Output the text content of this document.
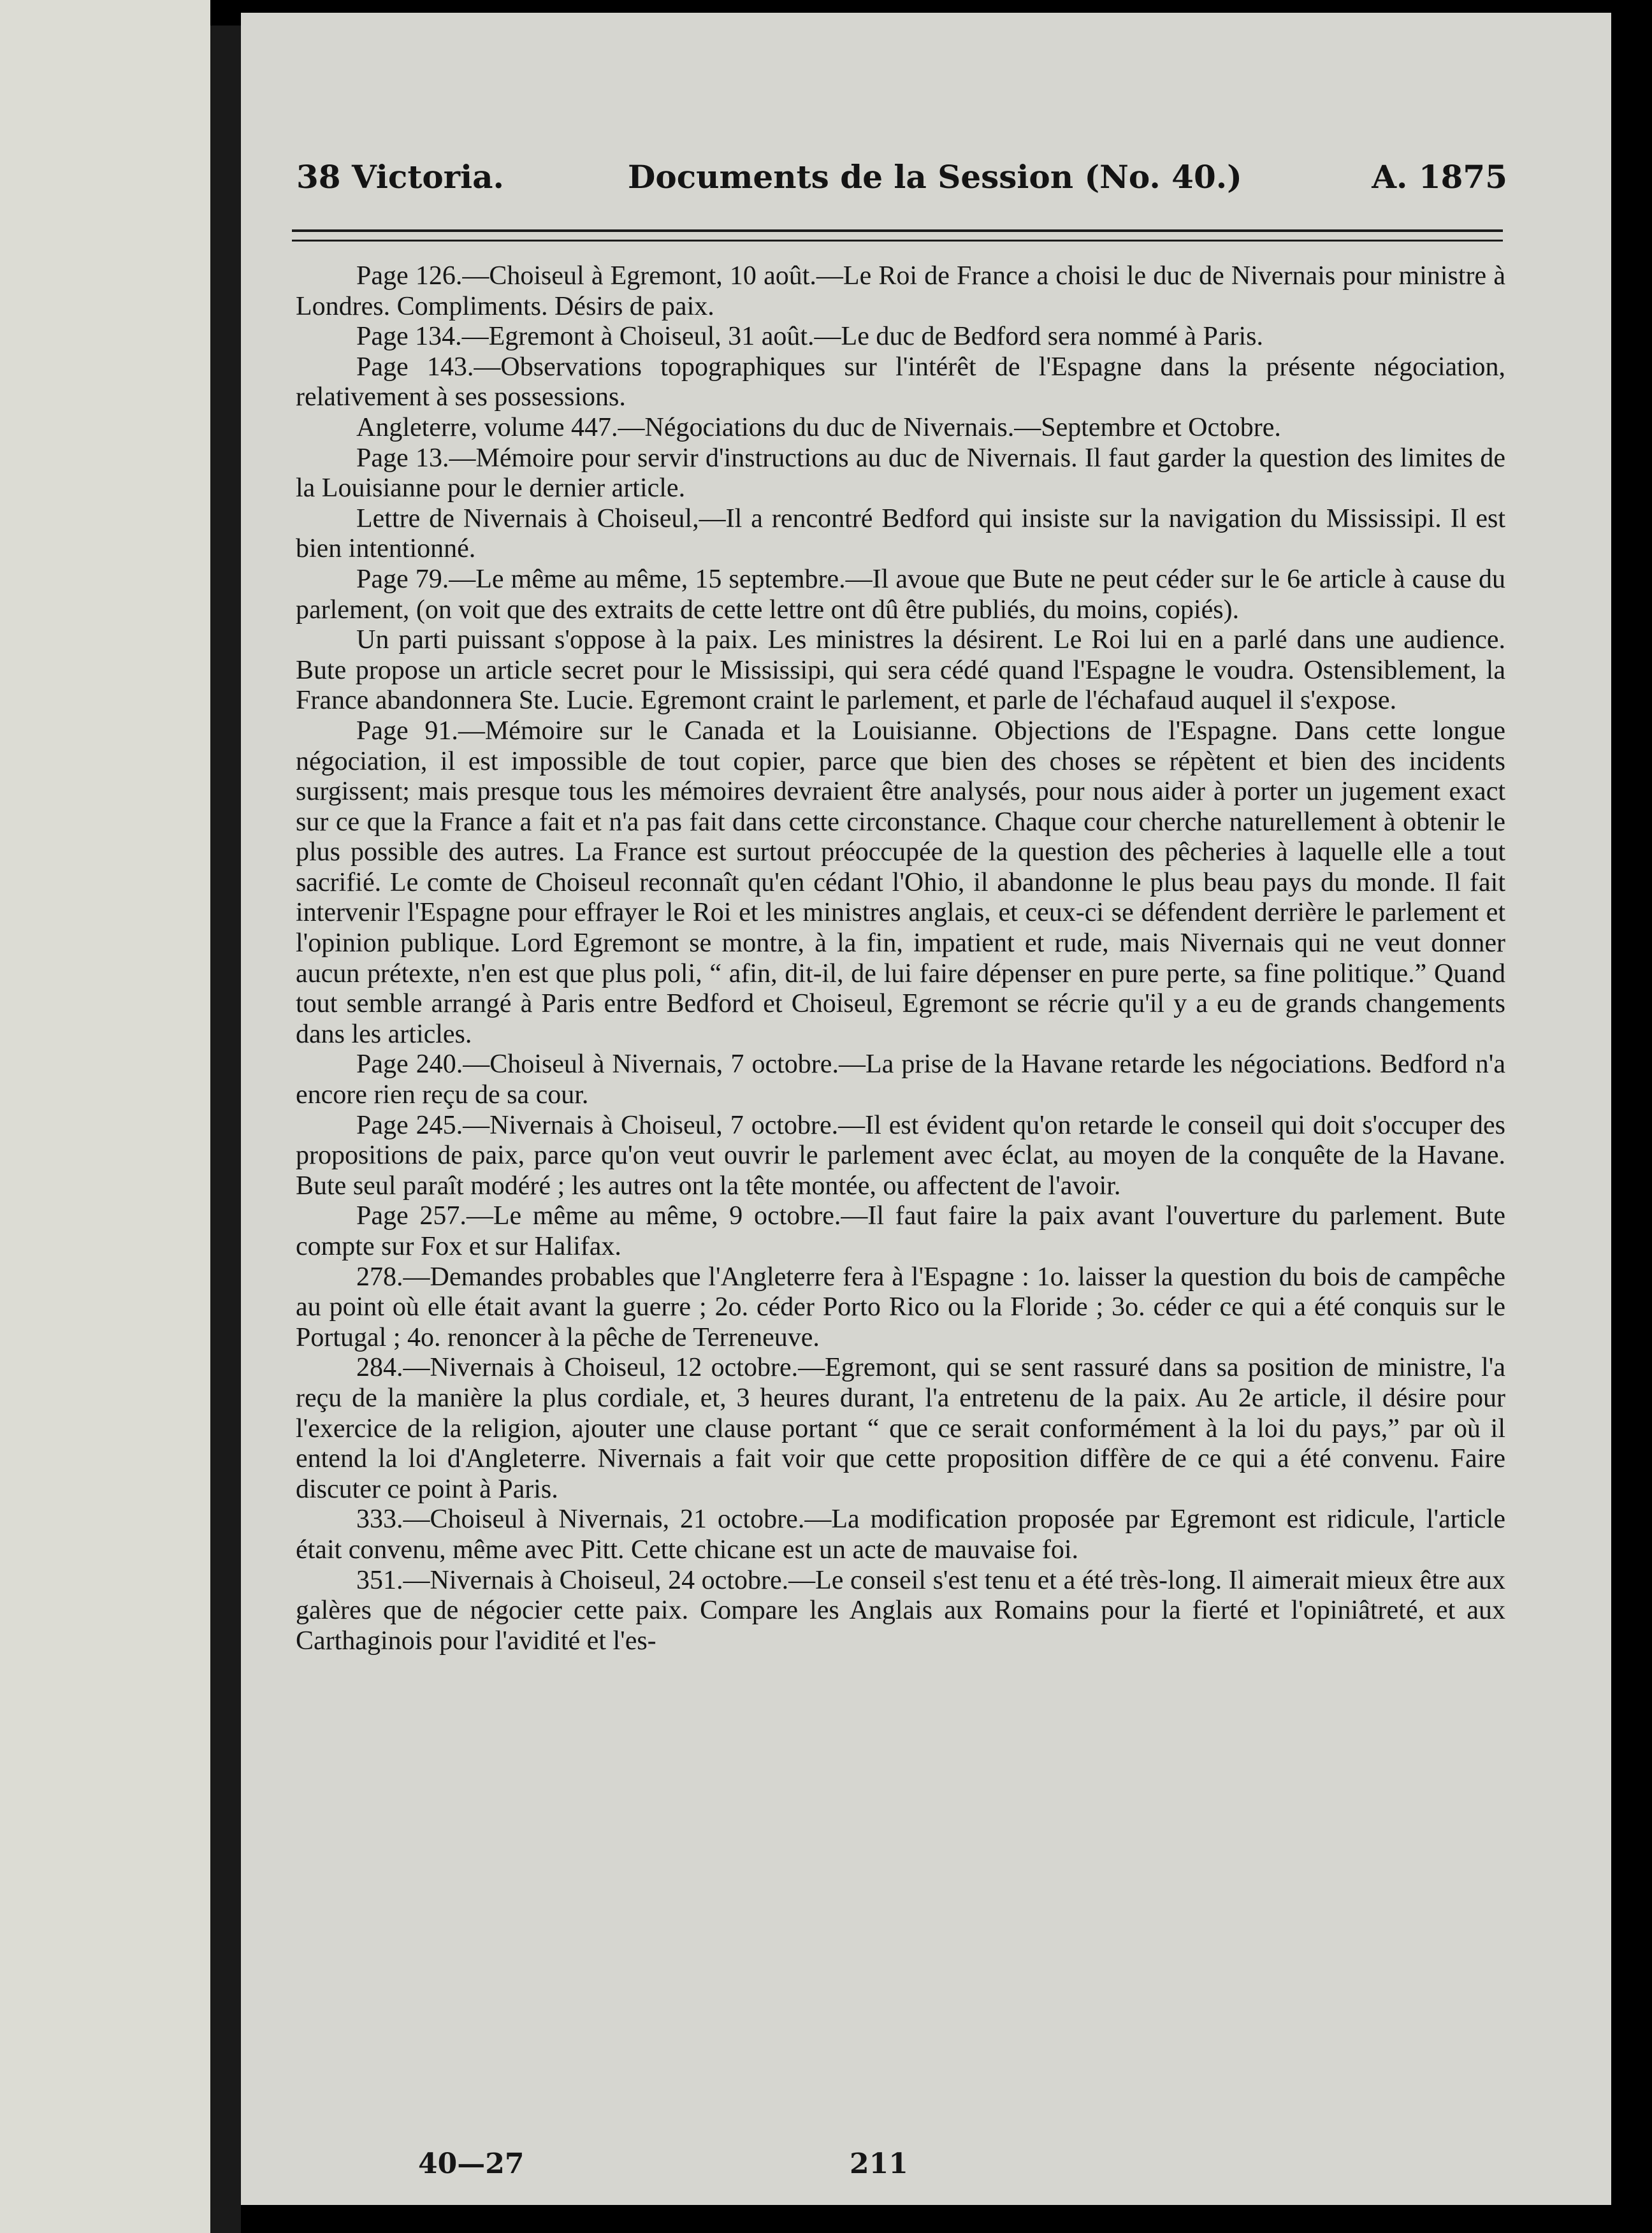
38 Victoria.	Documents de la Session (No. 40.)	A. 1875

Page 126.—Choiseul à Egremont, 10 août.—Le Roi de France a choisi le duc de Nivernais pour ministre à Londres. Compliments. Désirs de paix.

Page 134.—Egremont à Choiseul, 31 août.—Le duc de Bedford sera nommé à Paris.

Page 143.—Observations topographiques sur l'intérêt de l'Espagne dans la présente négociation, relativement à ses possessions.

Angleterre, volume 447.—Négociations du duc de Nivernais.—Septembre et Octobre.

Page 13.—Mémoire pour servir d'instructions au duc de Nivernais. Il faut garder la question des limites de la Louisianne pour le dernier article.

Lettre de Nivernais à Choiseul,—Il a rencontré Bedford qui insiste sur la navigation du Mississipi. Il est bien intentionné.

Page 79.—Le même au même, 15 septembre.—Il avoue que Bute ne peut céder sur le 6e article à cause du parlement, (on voit que des extraits de cette lettre ont dû être publiés, du moins, copiés).

Un parti puissant s'oppose à la paix. Les ministres la désirent. Le Roi lui en a parlé dans une audience. Bute propose un article secret pour le Mississipi, qui sera cédé quand l'Espagne le voudra. Ostensiblement, la France abandonnera Ste. Lucie. Egremont craint le parlement, et parle de l'échafaud auquel il s'expose.

Page 91.—Mémoire sur le Canada et la Louisianne. Objections de l'Espagne. Dans cette longue négociation, il est impossible de tout copier, parce que bien des choses se répètent et bien des incidents surgissent; mais presque tous les mémoires devraient être analysés, pour nous aider à porter un jugement exact sur ce que la France a fait et n'a pas fait dans cette circonstance. Chaque cour cherche naturellement à obtenir le plus possible des autres. La France est surtout préoccupée de la question des pêcheries à laquelle elle a tout sacrifié. Le comte de Choiseul reconnaît qu'en cédant l'Ohio, il abandonne le plus beau pays du monde. Il fait intervenir l'Espagne pour effrayer le Roi et les ministres anglais, et ceux-ci se défendent derrière le parlement et l'opinion publique. Lord Egremont se montre, à la fin, impatient et rude, mais Nivernais qui ne veut donner aucun prétexte, n'en est que plus poli, “ afin, dit-il, de lui faire dépenser en pure perte, sa fine politique.” Quand tout semble arrangé à Paris entre Bedford et Choiseul, Egremont se récrie qu'il y a eu de grands changements dans les articles.

Page 240.—Choiseul à Nivernais, 7 octobre.—La prise de la Havane retarde les négociations. Bedford n'a encore rien reçu de sa cour.

Page 245.—Nivernais à Choiseul, 7 octobre.—Il est évident qu'on retarde le conseil qui doit s'occuper des propositions de paix, parce qu'on veut ouvrir le parlement avec éclat, au moyen de la conquête de la Havane. Bute seul paraît modéré ; les autres ont la tête montée, ou affectent de l'avoir.

Page 257.—Le même au même, 9 octobre.—Il faut faire la paix avant l'ouverture du parlement. Bute compte sur Fox et sur Halifax.

278.—Demandes probables que l'Angleterre fera à l'Espagne : 1o. laisser la question du bois de campêche au point où elle était avant la guerre ; 2o. céder Porto Rico ou la Floride ; 3o. céder ce qui a été conquis sur le Portugal ; 4o. renoncer à la pêche de Terreneuve.

284.—Nivernais à Choiseul, 12 octobre.—Egremont, qui se sent rassuré dans sa position de ministre, l'a reçu de la manière la plus cordiale, et, 3 heures durant, l'a entretenu de la paix. Au 2e article, il désire pour l'exercice de la religion, ajouter une clause portant “ que ce serait conformément à la loi du pays,” par où il entend la loi d'Angleterre. Nivernais a fait voir que cette proposition diffère de ce qui a été convenu. Faire discuter ce point à Paris.

333.—Choiseul à Nivernais, 21 octobre.—La modification proposée par Egremont est ridicule, l'article était convenu, même avec Pitt. Cette chicane est un acte de mauvaise foi.

351.—Nivernais à Choiseul, 24 octobre.—Le conseil s'est tenu et a été très-long. Il aimerait mieux être aux galères que de négocier cette paix. Compare les Anglais aux Romains pour la fierté et l'opiniâtreté, et aux Carthaginois pour l'avidité et l'es-

40—27	211
